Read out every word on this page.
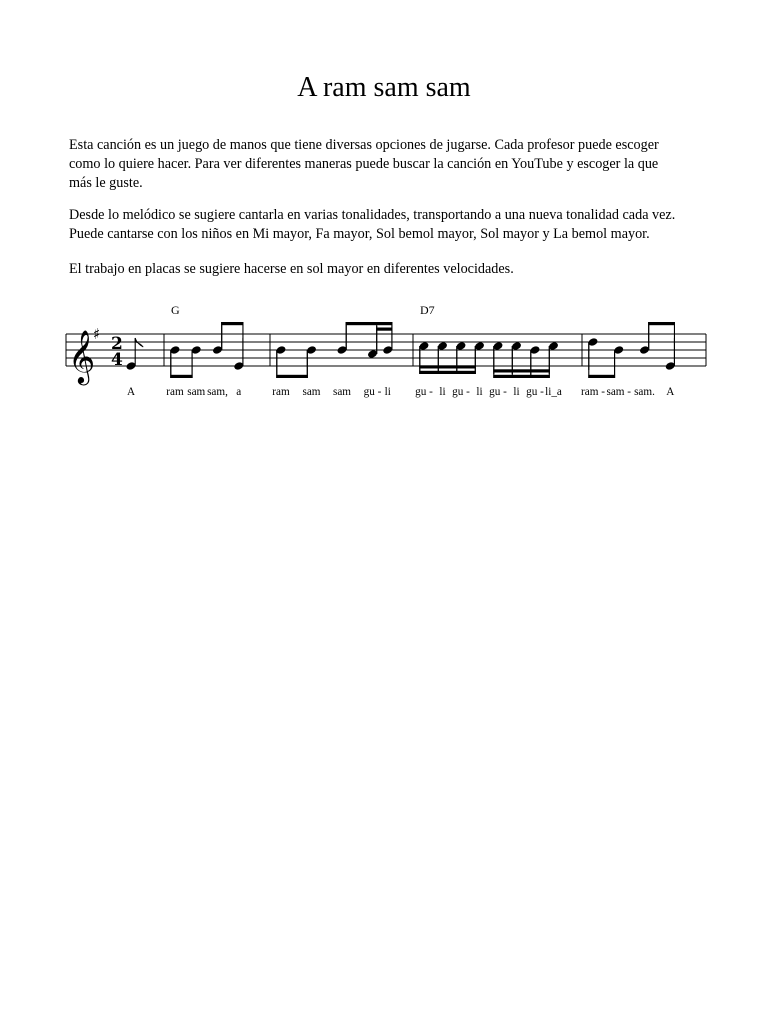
A ram sam sam

Esta canción es un juego de manos que tiene diversas opciones de jugarse. Cada profesor puede escoger
como lo quiere hacer. Para ver diferentes maneras puede buscar la canción en YouTube y escoger la que
más le guste.

Desde lo melódico se sugiere cantarla en varias tonalidades, transportando a una nueva tonalidad cada vez.
Puede cantarse con los niños en Mi mayor, Fa mayor, Sol bemol mayor, Sol mayor y La bemol mayor.

El trabajo en placas se sugiere hacerse en sol mayor en diferentes velocidades.

𝄞
♯ 2
4
A	ram sam sam, a	ram sam sam gu - li gu - li gu - li gu - li gu - li_a ram - sam - sam. A
G	D7
